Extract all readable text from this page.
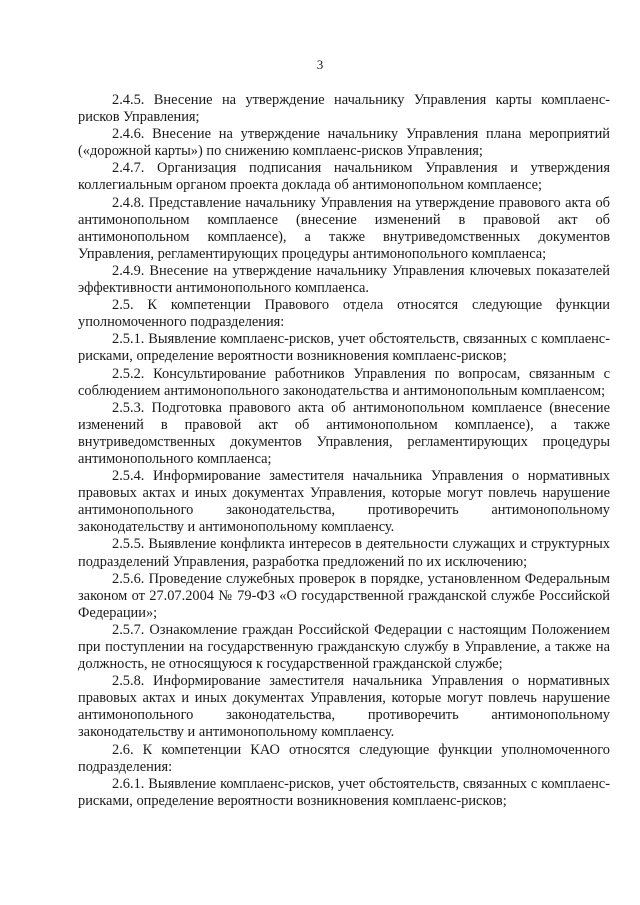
3

2.4.5. Внесение на утверждение начальнику Управления карты комплаенс-рисков Управления;

2.4.6. Внесение на утверждение начальнику Управления плана мероприятий («дорожной карты») по снижению комплаенс-рисков Управления;

2.4.7. Организация подписания начальником Управления и утверждения коллегиальным органом проекта доклада об антимонопольном комплаенсе;

2.4.8. Представление начальнику Управления на утверждение правового акта об антимонопольном комплаенсе (внесение изменений в правовой акт об антимонопольном комплаенсе), а также внутриведомственных документов Управления, регламентирующих процедуры антимонопольного комплаенса;

2.4.9. Внесение на утверждение начальнику Управления ключевых показателей эффективности антимонопольного комплаенса.

2.5. К компетенции Правового отдела относятся следующие функции уполномоченного подразделения:

2.5.1. Выявление комплаенс-рисков, учет обстоятельств, связанных с комплаенс-рисками, определение вероятности возникновения комплаенс-рисков;

2.5.2. Консультирование работников Управления по вопросам, связанным с соблюдением антимонопольного законодательства и антимонопольным комплаенсом;

2.5.3. Подготовка правового акта об антимонопольном комплаенсе (внесение изменений в правовой акт об антимонопольном комплаенсе), а также внутриведомственных документов Управления, регламентирующих процедуры антимонопольного комплаенса;

2.5.4. Информирование заместителя начальника Управления о нормативных правовых актах и иных документах Управления, которые могут повлечь нарушение антимонопольного законодательства, противоречить антимонопольному законодательству и антимонопольному комплаенсу.

2.5.5. Выявление конфликта интересов в деятельности служащих и структурных подразделений Управления, разработка предложений по их исключению;

2.5.6. Проведение служебных проверок в порядке, установленном Федеральным законом от 27.07.2004 № 79-ФЗ «О государственной гражданской службе Российской Федерации»;

2.5.7. Ознакомление граждан Российской Федерации с настоящим Положением при поступлении на государственную гражданскую службу в Управление, а также на должность, не относящуюся к государственной гражданской службе;

2.5.8. Информирование заместителя начальника Управления о нормативных правовых актах и иных документах Управления, которые могут повлечь нарушение антимонопольного законодательства, противоречить антимонопольному законодательству и антимонопольному комплаенсу.

2.6. К компетенции КАО относятся следующие функции уполномоченного подразделения:

2.6.1. Выявление комплаенс-рисков, учет обстоятельств, связанных с комплаенс-рисками, определение вероятности возникновения комплаенс-рисков;
